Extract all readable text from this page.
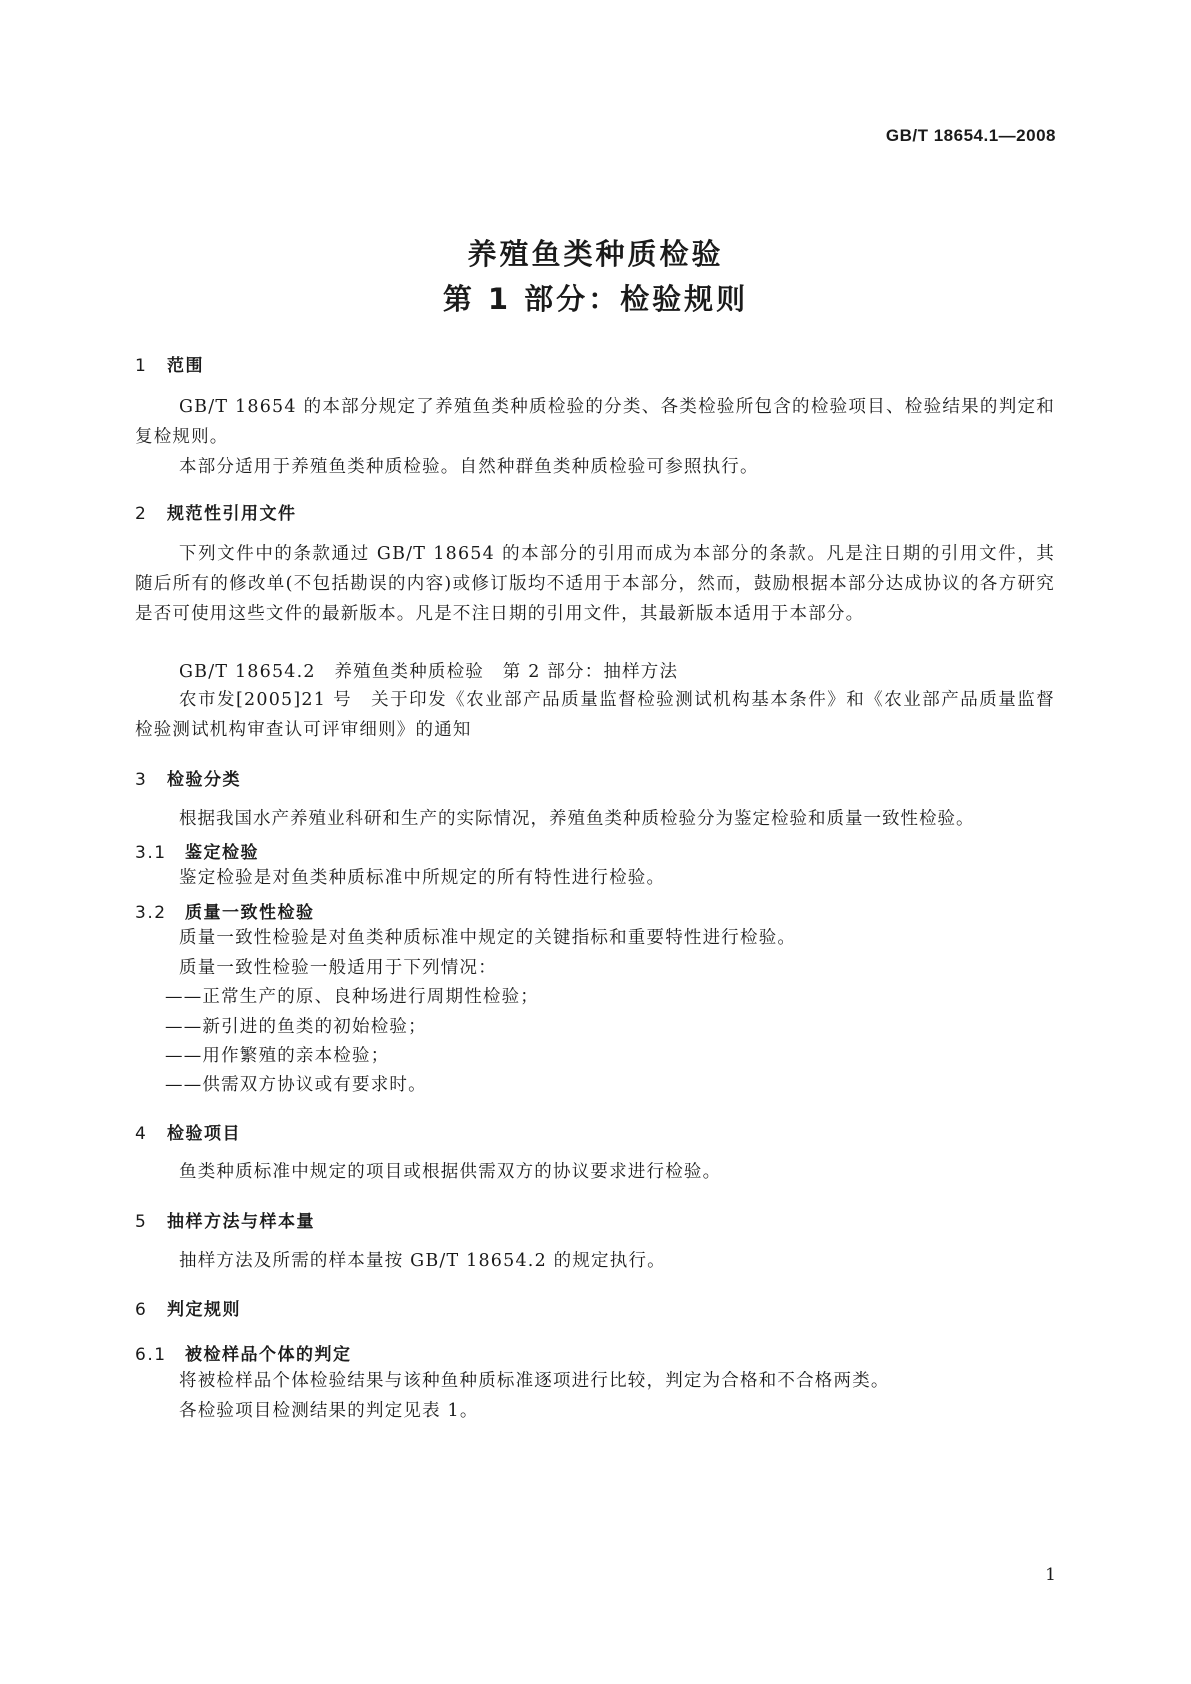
GB/T 18654.1—2008
养殖鱼类种质检验
第 1 部分：检验规则
1 范围

GB/T 18654 的本部分规定了养殖鱼类种质检验的分类、各类检验所包含的检验项目、检验结果的判定和复检规则。

本部分适用于养殖鱼类种质检验。自然种群鱼类种质检验可参照执行。

2 规范性引用文件

下列文件中的条款通过 GB/T 18654 的本部分的引用而成为本部分的条款。凡是注日期的引用文件，其随后所有的修改单(不包括勘误的内容)或修订版均不适用于本部分，然而，鼓励根据本部分达成协议的各方研究是否可使用这些文件的最新版本。凡是不注日期的引用文件，其最新版本适用于本部分。

GB/T 18654.2　养殖鱼类种质检验　第 2 部分：抽样方法

农市发[2005]21 号　关于印发《农业部产品质量监督检验测试机构基本条件》和《农业部产品质量监督检验测试机构审查认可评审细则》的通知

3 检验分类

根据我国水产养殖业科研和生产的实际情况，养殖鱼类种质检验分为鉴定检验和质量一致性检验。

3.1 鉴定检验

鉴定检验是对鱼类种质标准中所规定的所有特性进行检验。

3.2 质量一致性检验

质量一致性检验是对鱼类种质标准中规定的关键指标和重要特性进行检验。

质量一致性检验一般适用于下列情况：

——正常生产的原、良种场进行周期性检验；
——新引进的鱼类的初始检验；
——用作繁殖的亲本检验；
——供需双方协议或有要求时。
4 检验项目

鱼类种质标准中规定的项目或根据供需双方的协议要求进行检验。

5 抽样方法与样本量

抽样方法及所需的样本量按 GB/T 18654.2 的规定执行。

6 判定规则
6.1 被检样品个体的判定

将被检样品个体检验结果与该种鱼种质标准逐项进行比较，判定为合格和不合格两类。

各检验项目检测结果的判定见表 1。

1
